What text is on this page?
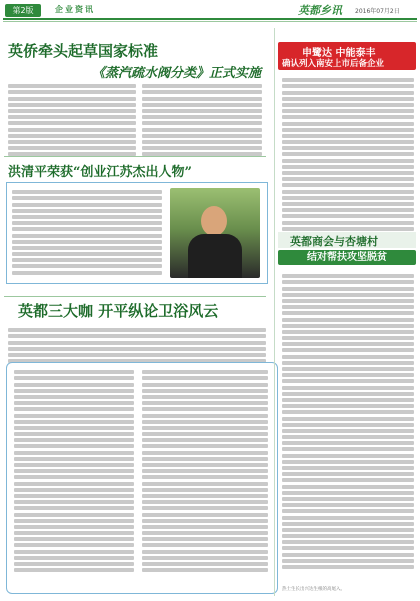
第2版	企业资讯	英都乡讯 2016年07月2日
英侨牵头起草国家标准
《蒸汽疏水阀分类》正式实施
洪清平荣获“创业江苏杰出人物”
英都三大咖 开平纵论卫浴风云
申鹭达 中能泰丰
确认列入南安上市后备企业
英都商会与杏塘村
结对帮扶攻坚脱贫
热土生长出兴达生根的高尾入。
